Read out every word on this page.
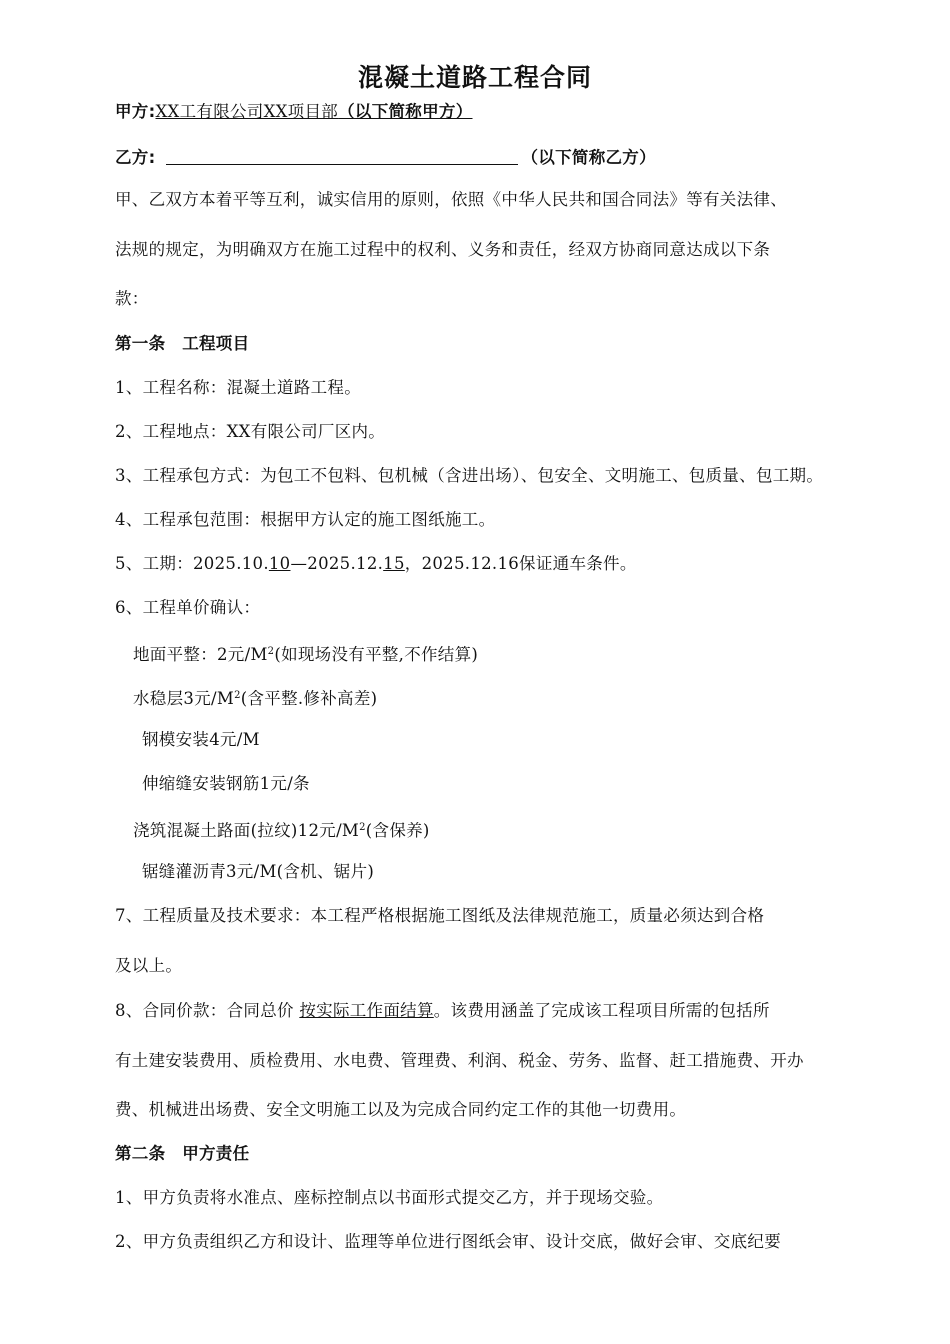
混凝土道路工程合同
甲方:XX工有限公司XX项目部（以下简称甲方）
乙方:	（以下简称乙方）
甲、乙双方本着平等互利，诚实信用的原则，依照《中华人民共和国合同法》等有关法律、
法规的规定，为明确双方在施工过程中的权利、义务和责任，经双方协商同意达成以下条
款：
第一条　工程项目
1、工程名称：混凝土道路工程。
2、工程地点：XX有限公司厂区内。
3、工程承包方式：为包工不包料、包机械（含进出场）、包安全、文明施工、包质量、包工期。
4、工程承包范围：根据甲方认定的施工图纸施工。
5、工期：2025.10.10—2025.12.15，2025.12.16保证通车条件。
6、工程单价确认：
地面平整：2元$/M^2$(如现场没有平整,不作结算)
水稳层3元$/M^2$(含平整.修补高差)
钢模安装4元/M
伸缩缝安装钢筋1元/条
浇筑混凝土路面(拉纹)12元$/M^2$(含保养)
锯缝灌沥青3元/M(含机、锯片)
7、工程质量及技术要求：本工程严格根据施工图纸及法律规范施工，质量必须达到合格
及以上。
8、合同价款：合同总价 按实际工作面结算。该费用涵盖了完成该工程项目所需的包括所
有土建安装费用、质检费用、水电费、管理费、利润、税金、劳务、监督、赶工措施费、开办
费、机械进出场费、安全文明施工以及为完成合同约定工作的其他一切费用。
第二条　甲方责任
1、甲方负责将水准点、座标控制点以书面形式提交乙方，并于现场交验。
2、甲方负责组织乙方和设计、监理等单位进行图纸会审、设计交底，做好会审、交底纪要
